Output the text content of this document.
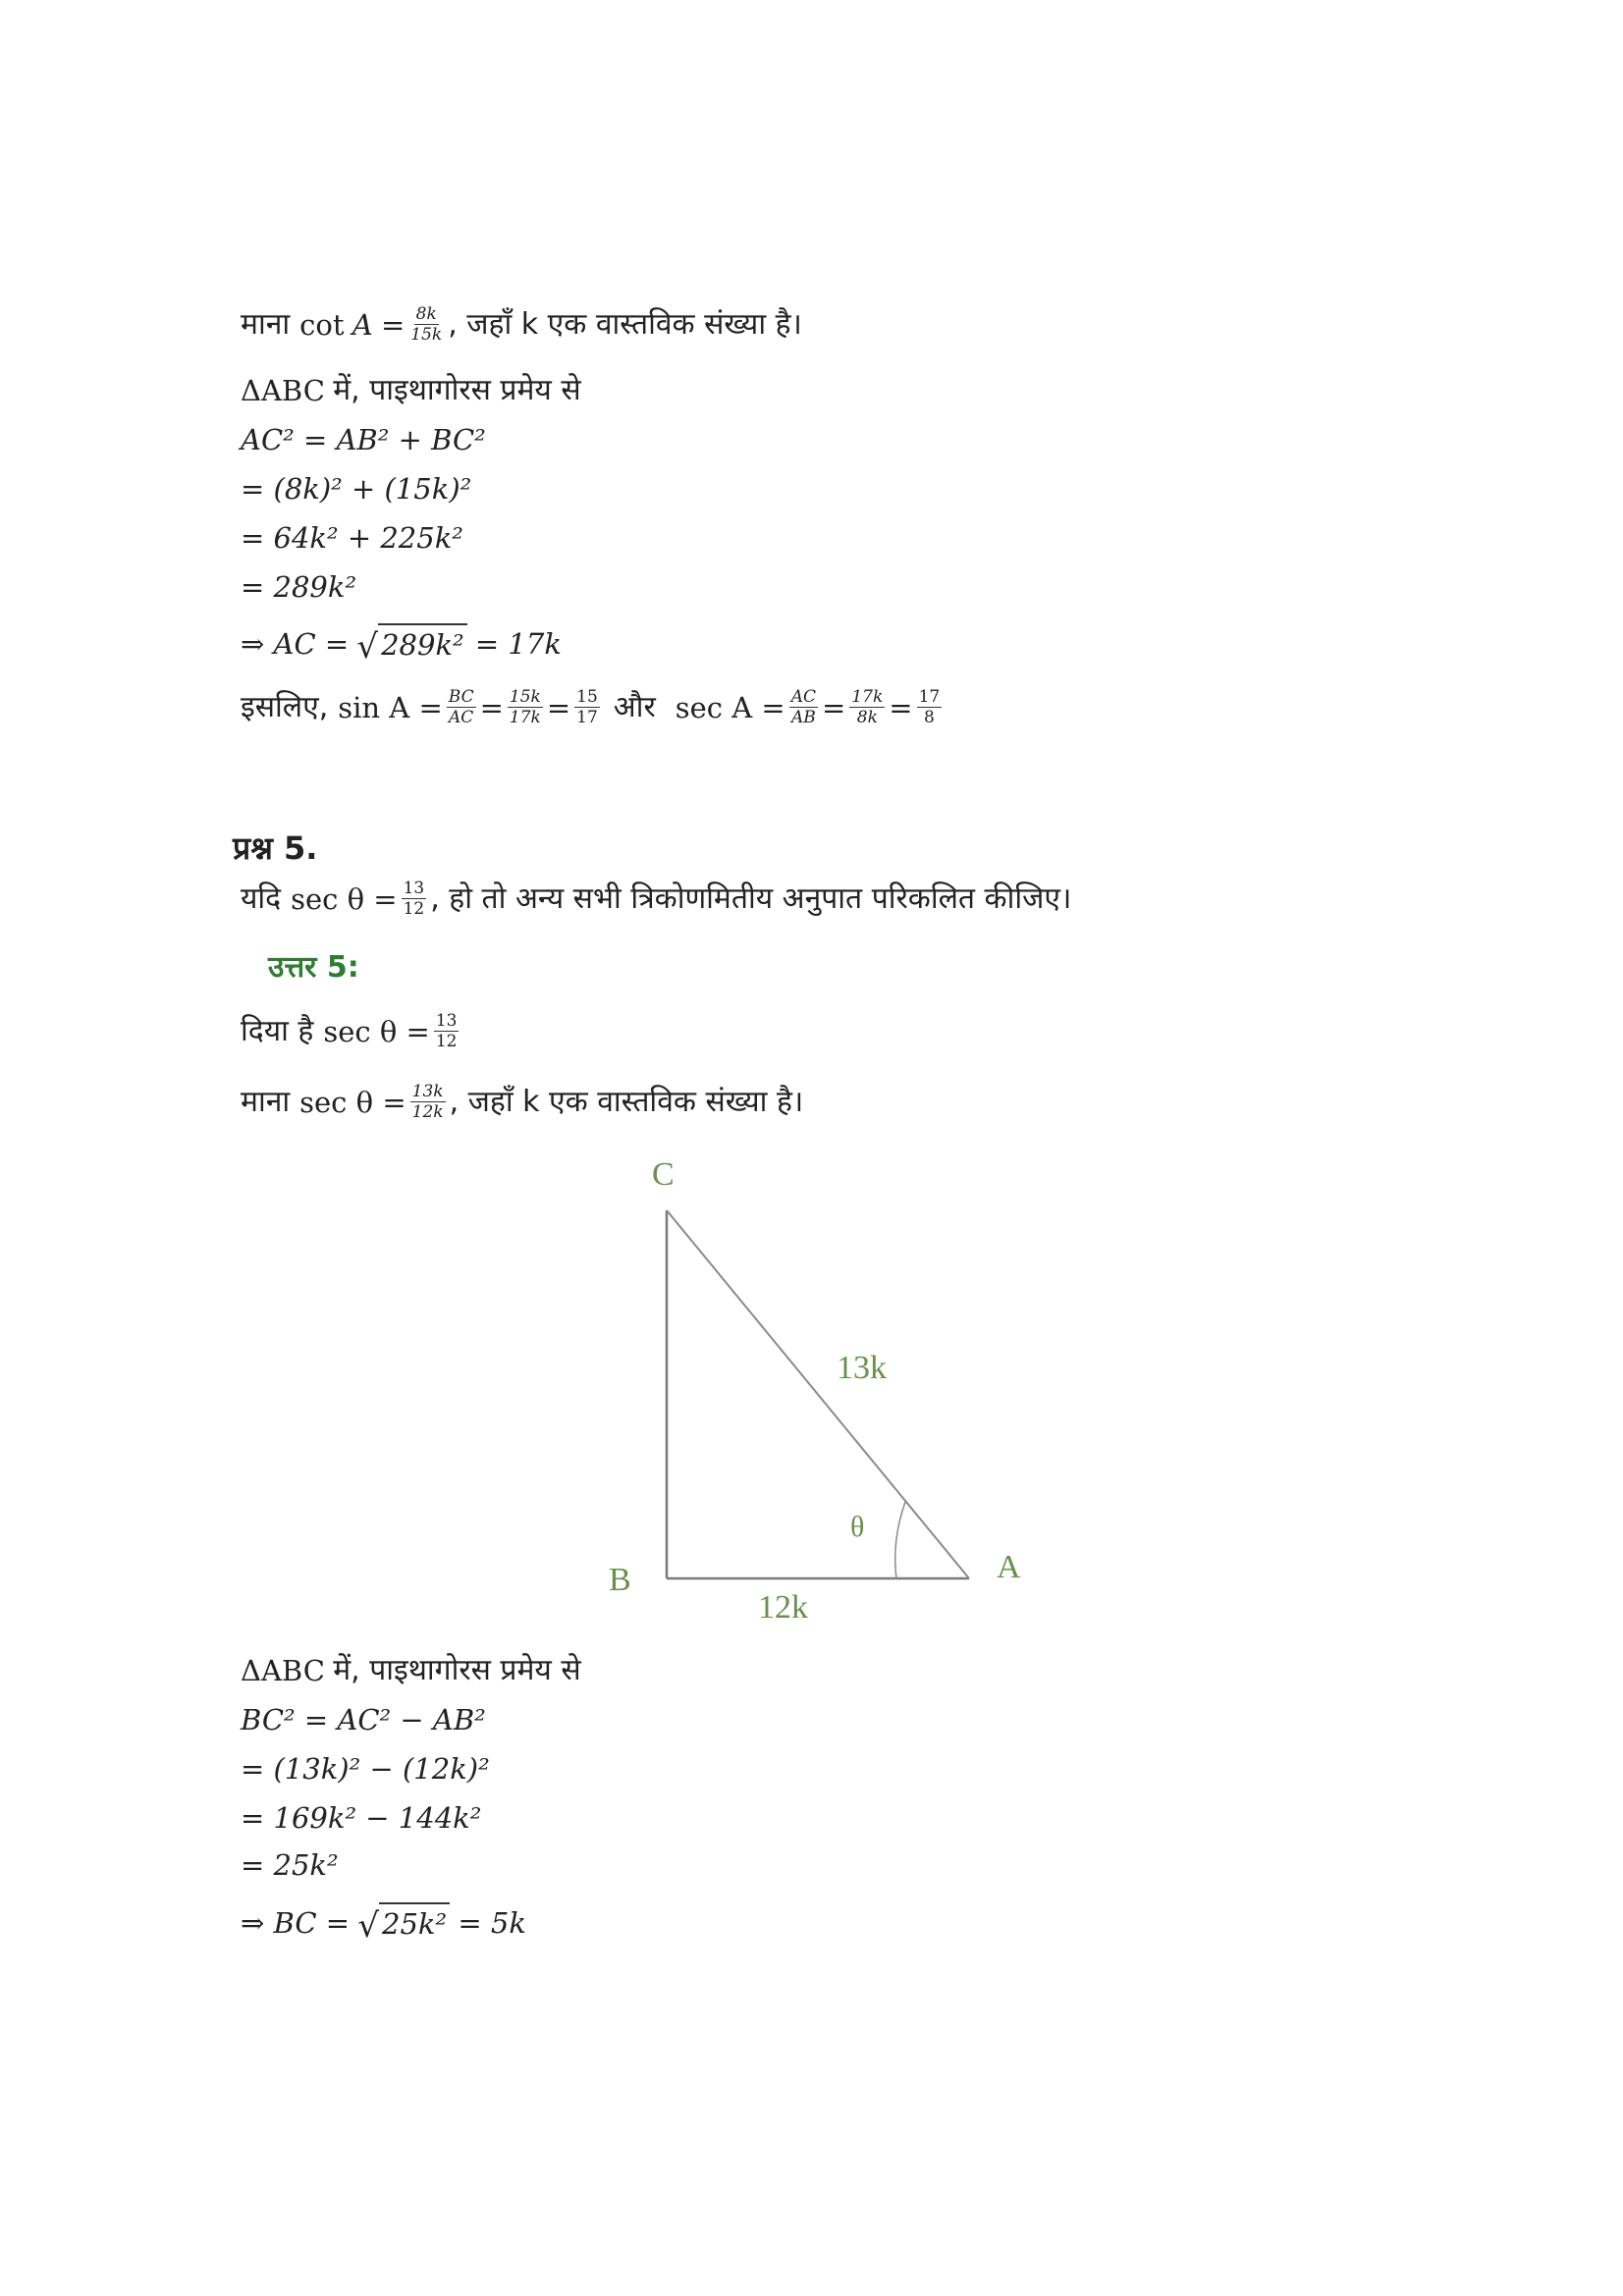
माना cot
A
= $\frac{8k}{15k}$ , जहाँ k एक वास्तविक संख्या है।
ΔABC
में, पाइथागोरस प्रमेय से
AC² = AB² + BC²
= (8k)² + (15k)²
= 64k² + 225k²
= 289k²
⇒ AC =
√ 289k²
= 17k
इसलिए, $\sin A = \frac{BC}{AC} = \frac{15k}{17k} = \frac{15}{17}$ और $\sec A = \frac{AC}{AB} = \frac{17k}{8k} = \frac{17}{8}$
प्रश्न 5.
यदि $\sec \theta = \frac{13}{12}$ , हो तो अन्य सभी त्रिकोणमितीय अनुपात परिकलित कीजिए।
उत्तर 5:
दिया है $\sec \theta = \frac{13}{12}$
माना $\sec \theta = \frac{13k}{12k}$ , जहाँ k एक वास्तविक संख्या है।
C
B	A
13k
θ
12k
ΔABC
में, पाइथागोरस प्रमेय से
BC² = AC² − AB²
= (13k)² − (12k)²
= 169k² − 144k²
= 25k²
⇒ BC =
√ 25k²
= 5k
